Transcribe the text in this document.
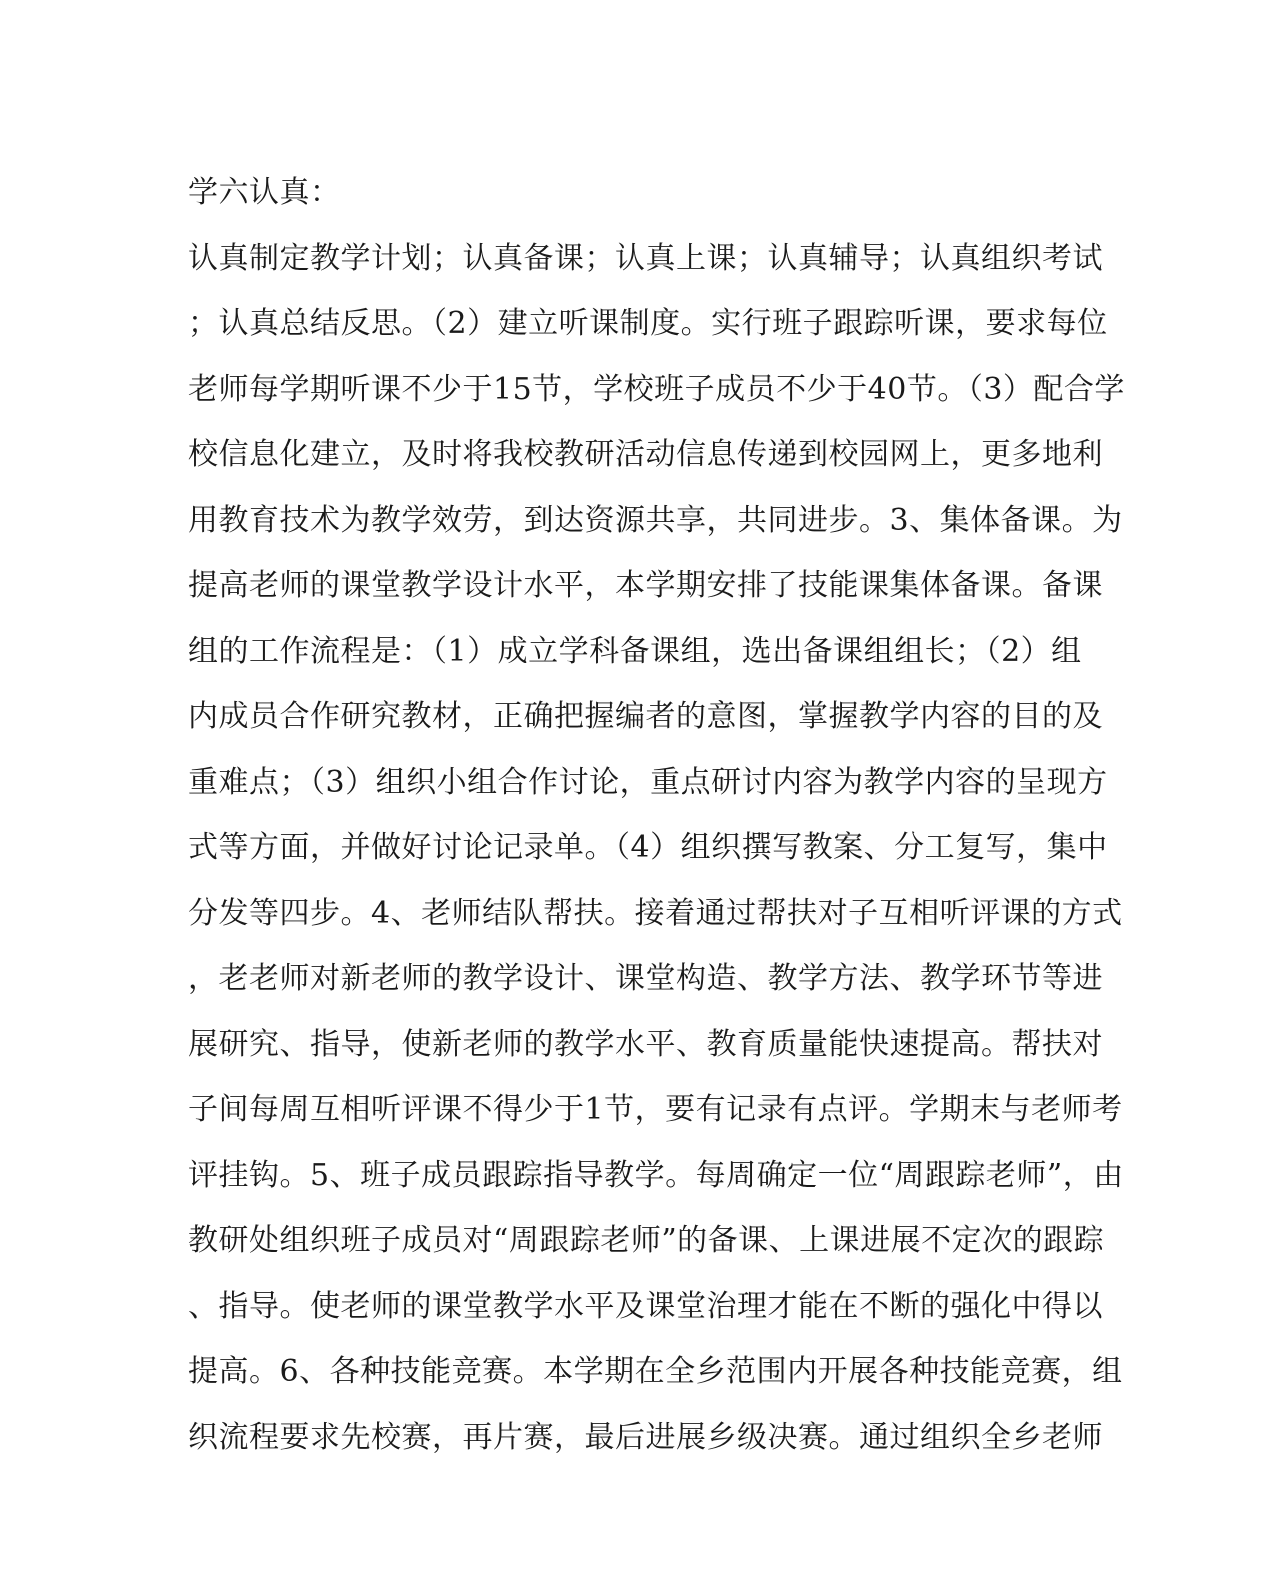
学六认真：
认真制定教学计划；认真备课；认真上课；认真辅导；认真组织考试
；认真总结反思。（2）建立听课制度。实行班子跟踪听课，要求每位
老师每学期听课不少于15节，学校班子成员不少于40节。（3）配合学
校信息化建立，及时将我校教研活动信息传递到校园网上，更多地利
用教育技术为教学效劳，到达资源共享，共同进步。3、集体备课。为
提高老师的课堂教学设计水平，本学期安排了技能课集体备课。备课
组的工作流程是：（1）成立学科备课组，选出备课组组长；（2）组
内成员合作研究教材，正确把握编者的意图，掌握教学内容的目的及
重难点；（3）组织小组合作讨论，重点研讨内容为教学内容的呈现方
式等方面，并做好讨论记录单。（4）组织撰写教案、分工复写，集中
分发等四步。4、老师结队帮扶。接着通过帮扶对子互相听评课的方式
，老老师对新老师的教学设计、课堂构造、教学方法、教学环节等进
展研究、指导，使新老师的教学水平、教育质量能快速提高。帮扶对
子间每周互相听评课不得少于1节，要有记录有点评。学期末与老师考
评挂钩。5、班子成员跟踪指导教学。每周确定一位“周跟踪老师”，由
教研处组织班子成员对“周跟踪老师”的备课、上课进展不定次的跟踪
、指导。使老师的课堂教学水平及课堂治理才能在不断的强化中得以
提高。6、各种技能竞赛。本学期在全乡范围内开展各种技能竞赛，组
织流程要求先校赛，再片赛，最后进展乡级决赛。通过组织全乡老师
